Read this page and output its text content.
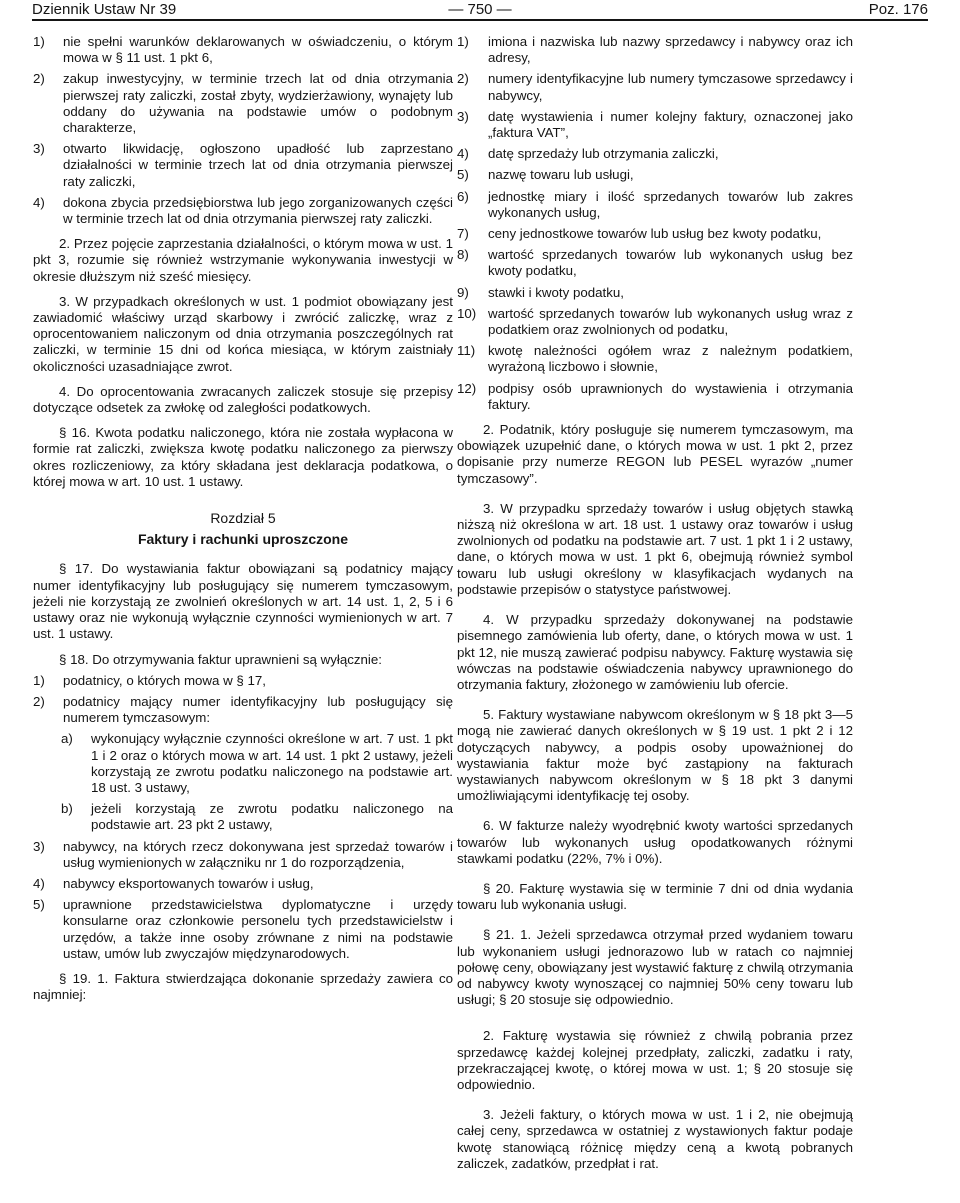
Dziennik Ustaw Nr 39	— 750 —	Poz. 176
1) nie spełni warunków deklarowanych w oświadczeniu, o którym mowa w § 11 ust. 1 pkt 6,
2) zakup inwestycyjny, w terminie trzech lat od dnia otrzymania pierwszej raty zaliczki, został zbyty, wydzierżawiony, wynajęty lub oddany do używania na podstawie umów o podobnym charakterze,
3) otwarto likwidację, ogłoszono upadłość lub zaprzestano działalności w terminie trzech lat od dnia otrzymania pierwszej raty zaliczki,
4) dokona zbycia przedsiębiorstwa lub jego zorganizowanych części w terminie trzech lat od dnia otrzymania pierwszej raty zaliczki.
2. Przez pojęcie zaprzestania działalności, o którym mowa w ust. 1 pkt 3, rozumie się również wstrzymanie wykonywania inwestycji w okresie dłuższym niż sześć miesięcy.
3. W przypadkach określonych w ust. 1 podmiot obowiązany jest zawiadomić właściwy urząd skarbowy i zwrócić zaliczkę, wraz z oprocentowaniem naliczonym od dnia otrzymania poszczególnych rat zaliczki, w terminie 15 dni od końca miesiąca, w którym zaistniały okoliczności uzasadniające zwrot.
4. Do oprocentowania zwracanych zaliczek stosuje się przepisy dotyczące odsetek za zwłokę od zaległości podatkowych.
§ 16. Kwota podatku naliczonego, która nie została wypłacona w formie rat zaliczki, zwiększa kwotę podatku naliczonego za pierwszy okres rozliczeniowy, za który składana jest deklaracja podatkowa, o której mowa w art. 10 ust. 1 ustawy.
Rozdział 5
Faktury i rachunki uproszczone
§ 17. Do wystawiania faktur obowiązani są podatnicy mający numer identyfikacyjny lub posługujący się numerem tymczasowym, jeżeli nie korzystają ze zwolnień określonych w art. 14 ust. 1, 2, 5 i 6 ustawy oraz nie wykonują wyłącznie czynności wymienionych w art. 7 ust. 1 ustawy.
§ 18. Do otrzymywania faktur uprawnieni są wyłącznie:
1) podatnicy, o których mowa w § 17,
2) podatnicy mający numer identyfikacyjny lub posługujący się numerem tymczasowym:
a) wykonujący wyłącznie czynności określone w art. 7 ust. 1 pkt 1 i 2 oraz o których mowa w art. 14 ust. 1 pkt 2 ustawy, jeżeli korzystają ze zwrotu podatku naliczonego na podstawie art. 18 ust. 3 ustawy,
b) jeżeli korzystają ze zwrotu podatku naliczonego na podstawie art. 23 pkt 2 ustawy,
3) nabywcy, na których rzecz dokonywana jest sprzedaż towarów i usług wymienionych w załączniku nr 1 do rozporządzenia,
4) nabywcy eksportowanych towarów i usług,
5) uprawnione przedstawicielstwa dyplomatyczne i urzędy konsularne oraz członkowie personelu tych przedstawicielstw i urzędów, a także inne osoby zrównane z nimi na podstawie ustaw, umów lub zwyczajów międzynarodowych.
§ 19. 1. Faktura stwierdzająca dokonanie sprzedaży zawiera co najmniej:
1) imiona i nazwiska lub nazwy sprzedawcy i nabywcy oraz ich adresy,
2) numery identyfikacyjne lub numery tymczasowe sprzedawcy i nabywcy,
3) datę wystawienia i numer kolejny faktury, oznaczonej jako „faktura VAT”,
4) datę sprzedaży lub otrzymania zaliczki,
5) nazwę towaru lub usługi,
6) jednostkę miary i ilość sprzedanych towarów lub zakres wykonanych usług,
7) ceny jednostkowe towarów lub usług bez kwoty podatku,
8) wartość sprzedanych towarów lub wykonanych usług bez kwoty podatku,
9) stawki i kwoty podatku,
10) wartość sprzedanych towarów lub wykonanych usług wraz z podatkiem oraz zwolnionych od podatku,
11) kwotę należności ogółem wraz z należnym podatkiem, wyrażoną liczbowo i słownie,
12) podpisy osób uprawnionych do wystawienia i otrzymania faktury.
2. Podatnik, który posługuje się numerem tymczasowym, ma obowiązek uzupełnić dane, o których mowa w ust. 1 pkt 2, przez dopisanie przy numerze REGON lub PESEL wyrazów „numer tymczasowy”.
3. W przypadku sprzedaży towarów i usług objętych stawką niższą niż określona w art. 18 ust. 1 ustawy oraz towarów i usług zwolnionych od podatku na podstawie art. 7 ust. 1 pkt 1 i 2 ustawy, dane, o których mowa w ust. 1 pkt 6, obejmują również symbol towaru lub usługi określony w klasyfikacjach wydanych na podstawie przepisów o statystyce państwowej.
4. W przypadku sprzedaży dokonywanej na podstawie pisemnego zamówienia lub oferty, dane, o których mowa w ust. 1 pkt 12, nie muszą zawierać podpisu nabywcy. Fakturę wystawia się wówczas na podstawie oświadczenia nabywcy uprawnionego do otrzymania faktury, złożonego w zamówieniu lub ofercie.
5. Faktury wystawiane nabywcom określonym w § 18 pkt 3—5 mogą nie zawierać danych określonych w § 19 ust. 1 pkt 2 i 12 dotyczących nabywcy, a podpis osoby upoważnionej do wystawiania faktur może być zastąpiony na fakturach wystawianych nabywcom określonym w § 18 pkt 3 danymi umożliwiającymi identyfikację tej osoby.
6. W fakturze należy wyodrębnić kwoty wartości sprzedanych towarów lub wykonanych usług opodatkowanych różnymi stawkami podatku (22%, 7% i 0%).
§ 20. Fakturę wystawia się w terminie 7 dni od dnia wydania towaru lub wykonania usługi.
§ 21. 1. Jeżeli sprzedawca otrzymał przed wydaniem towaru lub wykonaniem usługi jednorazowo lub w ratach co najmniej połowę ceny, obowiązany jest wystawić fakturę z chwilą otrzymania od nabywcy kwoty wynoszącej co najmniej 50% ceny towaru lub usługi; § 20 stosuje się odpowiednio.
2. Fakturę wystawia się również z chwilą pobrania przez sprzedawcę każdej kolejnej przedpłaty, zaliczki, zadatku i raty, przekraczającej kwotę, o której mowa w ust. 1; § 20 stosuje się odpowiednio.
3. Jeżeli faktury, o których mowa w ust. 1 i 2, nie obejmują całej ceny, sprzedawca w ostatniej z wystawionych faktur podaje kwotę stanowiącą różnicę między ceną a kwotą pobranych zaliczek, zadatków, przedpłat i rat.
